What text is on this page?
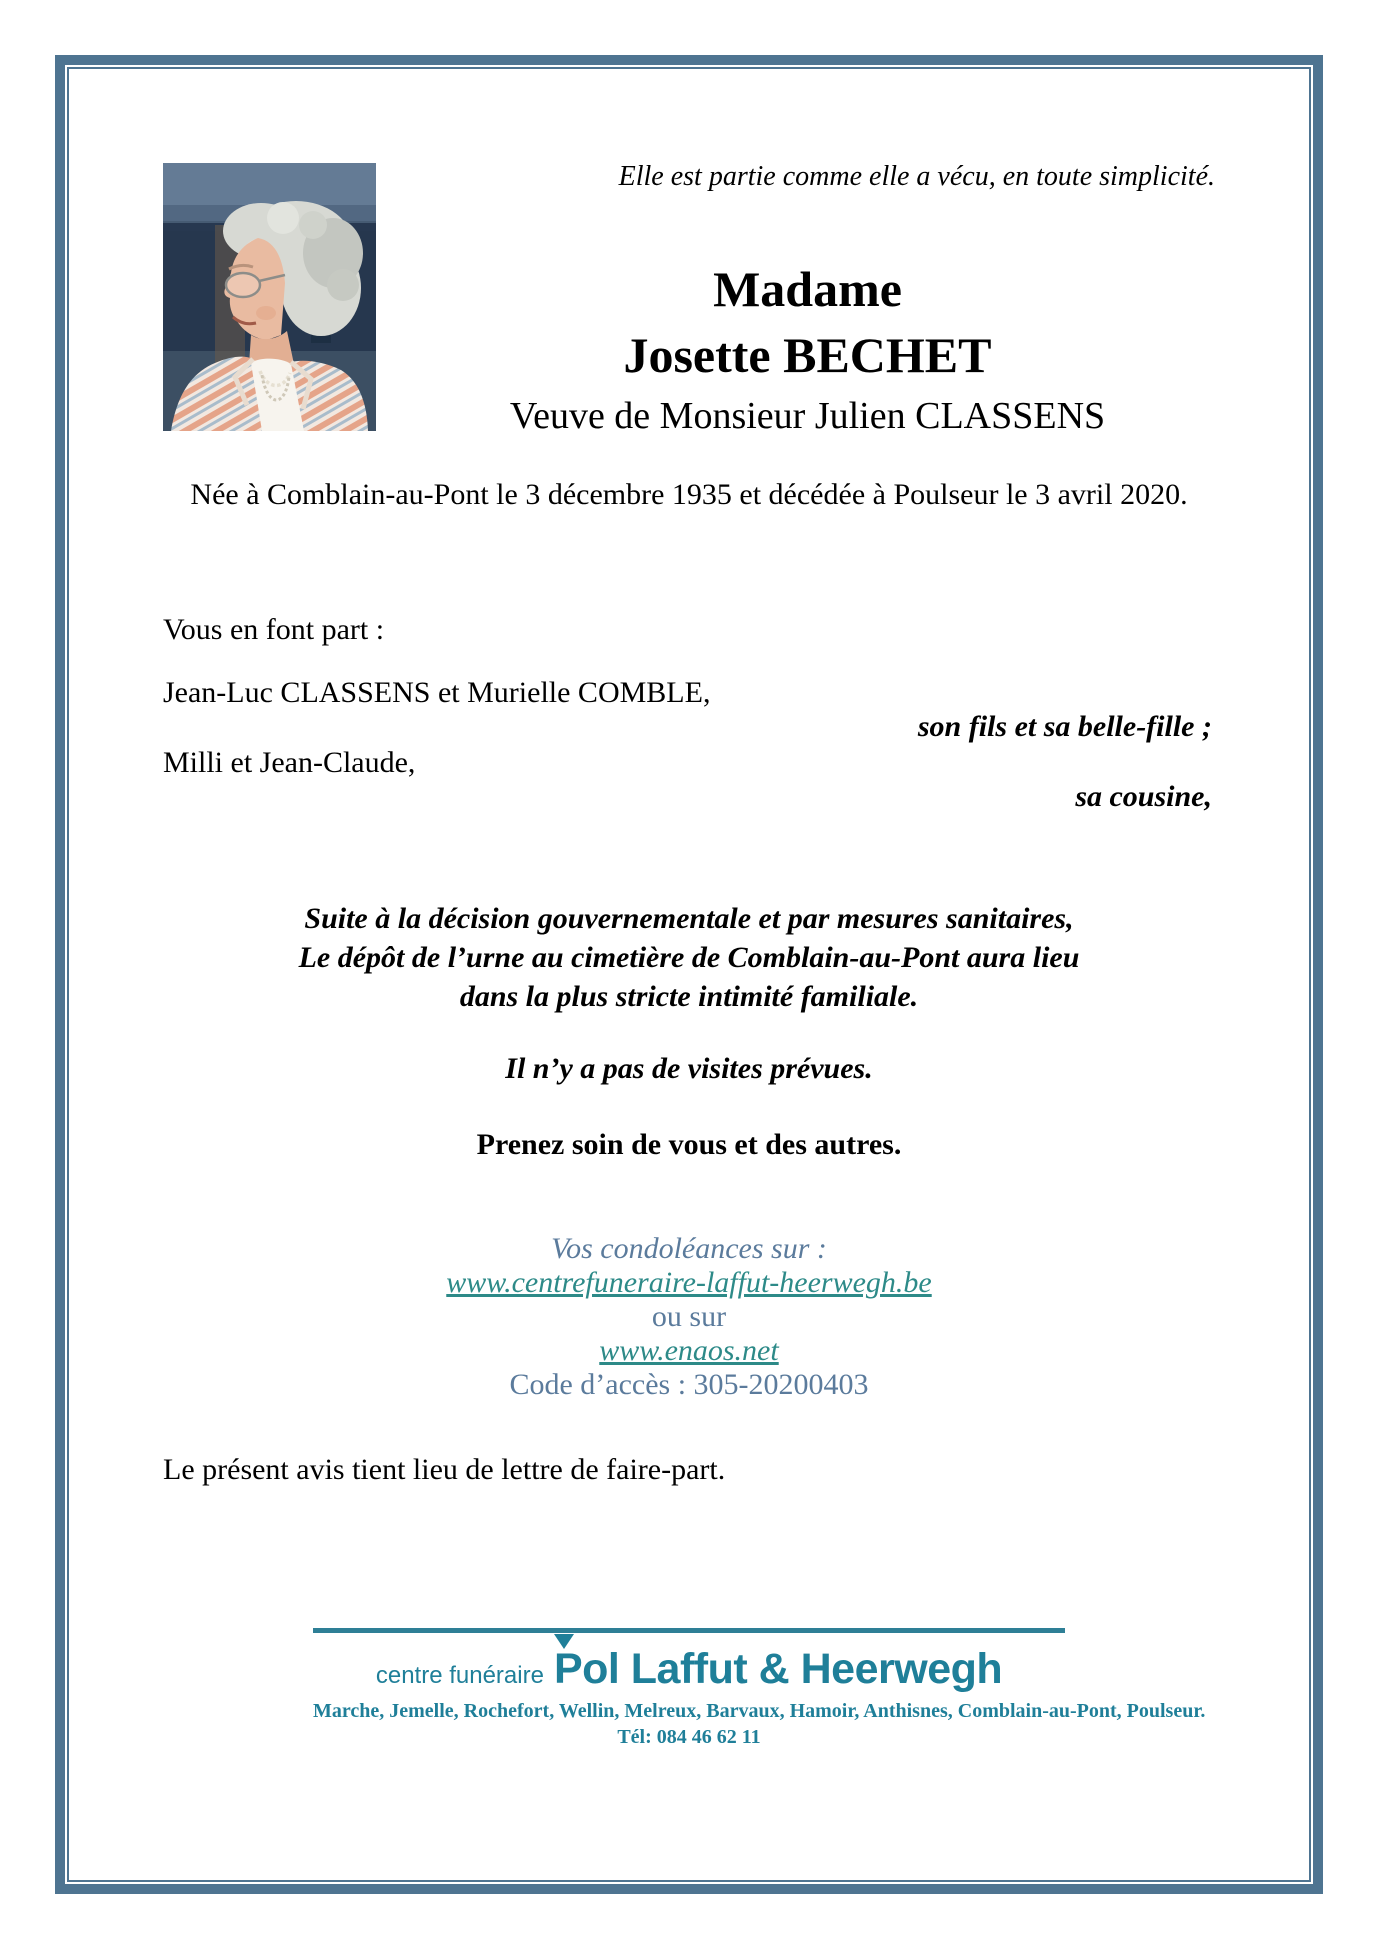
Elle est partie comme elle a vécu, en toute simplicité.
Madame
Josette BECHET
Veuve de Monsieur Julien CLASSENS
Née à Comblain-au-Pont le 3 décembre 1935 et décédée à Poulseur le 3 avril 2020.
Vous en font part :
Jean-Luc CLASSENS et Murielle COMBLE,
son fils et sa belle-fille ;
Milli et Jean-Claude,
sa cousine,
Suite à la décision gouvernementale et par mesures sanitaires,
Le dépôt de l’urne au cimetière de Comblain-au-Pont aura lieu
dans la plus stricte intimité familiale.
Il n’y a pas de visites prévues.
Prenez soin de vous et des autres.
Vos condoléances sur :
www.centrefuneraire-laffut-heerwegh.be
ou sur
www.enaos.net
Code d’accès : 305-20200403
Le présent avis tient lieu de lettre de faire-part.
centre funéraire Pol Laffut & Heerwegh
Marche, Jemelle, Rochefort, Wellin, Melreux, Barvaux, Hamoir, Anthisnes, Comblain-au-Pont, Poulseur.
Tél: 084 46 62 11
